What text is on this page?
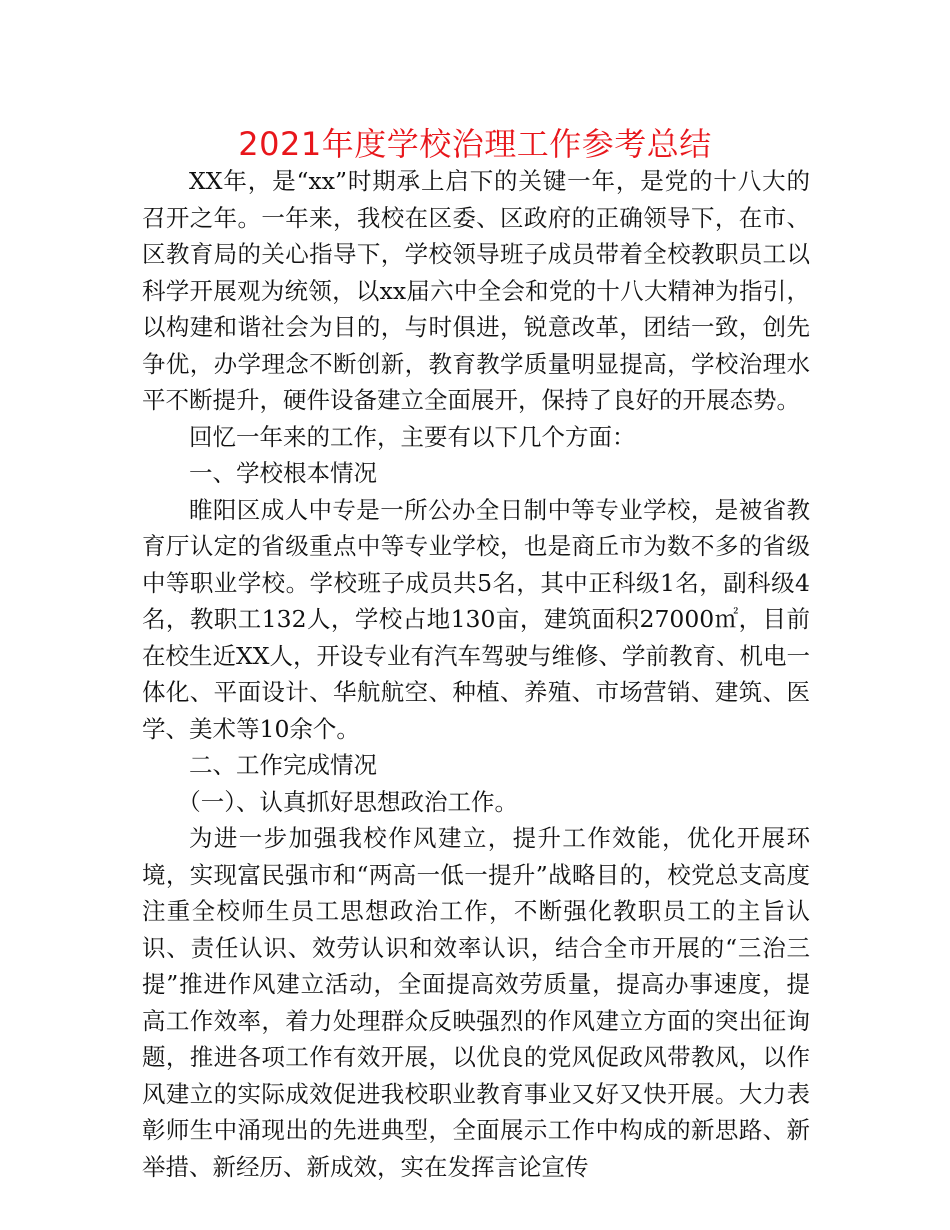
2021年度学校治理工作参考总结

XX年，是“xx”时期承上启下的关键一年，是党的十八大的召开之年。一年来，我校在区委、区政府的正确领导下，在市、区教育局的关心指导下，学校领导班子成员带着全校教职员工以科学开展观为统领，以xx届六中全会和党的十八大精神为指引，以构建和谐社会为目的，与时俱进，锐意改革，团结一致，创先争优，办学理念不断创新，教育教学质量明显提高，学校治理水平不断提升，硬件设备建立全面展开，保持了良好的开展态势。

回忆一年来的工作，主要有以下几个方面：

一、学校根本情况

睢阳区成人中专是一所公办全日制中等专业学校，是被省教育厅认定的省级重点中等专业学校，也是商丘市为数不多的省级中等职业学校。学校班子成员共5名，其中正科级1名，副科级4名，教职工132人，学校占地130亩，建筑面积27000㎡，目前在校生近XX人，开设专业有汽车驾驶与维修、学前教育、机电一体化、平面设计、华航航空、种植、养殖、市场营销、建筑、医学、美术等10余个。

二、工作完成情况

（一）、认真抓好思想政治工作。

为进一步加强我校作风建立，提升工作效能，优化开展环境，实现富民强市和“两高一低一提升”战略目的，校党总支高度注重全校师生员工思想政治工作，不断强化教职员工的主旨认识、责任认识、效劳认识和效率认识，结合全市开展的“三治三提”推进作风建立活动，全面提高效劳质量，提高办事速度，提高工作效率，着力处理群众反映强烈的作风建立方面的突出征询题，推进各项工作有效开展，以优良的党风促政风带教风，以作风建立的实际成效促进我校职业教育事业又好又快开展。大力表彰师生中涌现出的先进典型，全面展示工作中构成的新思路、新举措、新经历、新成效，实在发挥言论宣传
